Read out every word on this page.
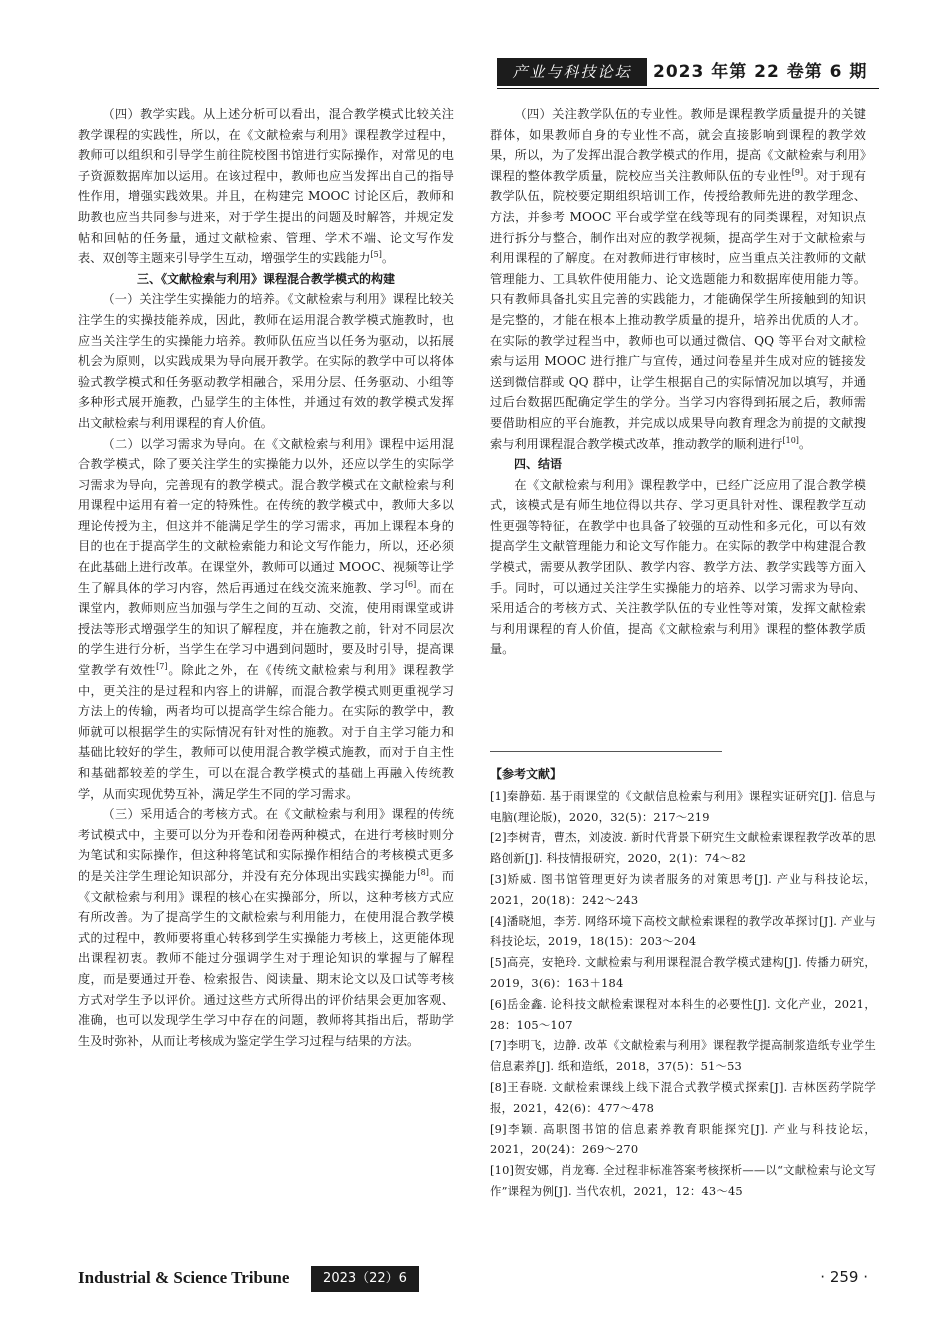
产业与科技论坛	2023 年第 22 卷第 6 期

（四）教学实践。从上述分析可以看出，混合教学模式比较关注教学课程的实践性，所以，在《文献检索与利用》课程教学过程中，教师可以组织和引导学生前往院校图书馆进行实际操作，对常见的电子资源数据库加以运用。在该过程中，教师也应当发挥出自己的指导性作用，增强实践效果。并且，在构建完 MOOC 讨论区后，教师和助教也应当共同参与进来，对于学生提出的问题及时解答，并规定发帖和回帖的任务量，通过文献检索、管理、学术不端、论文写作发表、双创等主题来引导学生互动，增强学生的实践能力[5]。

三、《文献检索与利用》课程混合教学模式的构建

（一）关注学生实操能力的培养。《文献检索与利用》课程比较关注学生的实操技能养成，因此，教师在运用混合教学模式施教时，也应当关注学生的实操能力培养。教师队伍应当以任务为驱动，以拓展机会为原则，以实践成果为导向展开教学。在实际的教学中可以将体验式教学模式和任务驱动教学相融合，采用分层、任务驱动、小组等多种形式展开施教，凸显学生的主体性，并通过有效的教学模式发挥出文献检索与利用课程的育人价值。

（二）以学习需求为导向。在《文献检索与利用》课程中运用混合教学模式，除了要关注学生的实操能力以外，还应以学生的实际学习需求为导向，完善现有的教学模式。混合教学模式在文献检索与利用课程中运用有着一定的特殊性。在传统的教学模式中，教师大多以理论传授为主，但这并不能满足学生的学习需求，再加上课程本身的目的也在于提高学生的文献检索能力和论文写作能力，所以，还必须在此基础上进行改革。在课堂外，教师可以通过 MOOC、视频等让学生了解具体的学习内容，然后再通过在线交流来施教、学习[6]。而在课堂内，教师则应当加强与学生之间的互动、交流，使用雨课堂或讲授法等形式增强学生的知识了解程度，并在施教之前，针对不同层次的学生进行分析，当学生在学习中遇到问题时，要及时引导，提高课堂教学有效性[7]。除此之外，在《传统文献检索与利用》课程教学中，更关注的是过程和内容上的讲解，而混合教学模式则更重视学习方法上的传输，两者均可以提高学生综合能力。在实际的教学中，教师就可以根据学生的实际情况有针对性的施教。对于自主学习能力和基础比较好的学生，教师可以使用混合教学模式施教，而对于自主性和基础都较差的学生，可以在混合教学模式的基础上再融入传统教学，从而实现优势互补，满足学生不同的学习需求。

（三）采用适合的考核方式。在《文献检索与利用》课程的传统考试模式中，主要可以分为开卷和闭卷两种模式，在进行考核时则分为笔试和实际操作，但这种将笔试和实际操作相结合的考核模式更多的是关注学生理论知识部分，并没有充分体现出实践实操能力[8]。而《文献检索与利用》课程的核心在实操部分，所以，这种考核方式应有所改善。为了提高学生的文献检索与利用能力，在使用混合教学模式的过程中，教师要将重心转移到学生实操能力考核上，这更能体现出课程初衷。教师不能过分强调学生对于理论知识的掌握与了解程度，而是要通过开卷、检索报告、阅读量、期末论文以及口试等考核方式对学生予以评价。通过这些方式所得出的评价结果会更加客观、准确，也可以发现学生学习中存在的问题，教师将其指出后，帮助学生及时弥补，从而让考核成为鉴定学生学习过程与结果的方法。

（四）关注教学队伍的专业性。教师是课程教学质量提升的关键群体，如果教师自身的专业性不高，就会直接影响到课程的教学效果，所以，为了发挥出混合教学模式的作用，提高《文献检索与利用》课程的整体教学质量，院校应当关注教师队伍的专业性[9]。对于现有教学队伍，院校要定期组织培训工作，传授给教师先进的教学理念、方法，并参考 MOOC 平台或学堂在线等现有的同类课程，对知识点进行拆分与整合，制作出对应的教学视频，提高学生对于文献检索与利用课程的了解度。在对教师进行审核时，应当重点关注教师的文献管理能力、工具软件使用能力、论文选题能力和数据库使用能力等。只有教师具备扎实且完善的实践能力，才能确保学生所接触到的知识是完整的，才能在根本上推动教学质量的提升，培养出优质的人才。在实际的教学过程当中，教师也可以通过微信、QQ 等平台对文献检索与运用 MOOC 进行推广与宣传，通过问卷星并生成对应的链接发送到微信群或 QQ 群中，让学生根据自己的实际情况加以填写，并通过后台数据匹配确定学生的学分。当学习内容得到拓展之后，教师需要借助相应的平台施教，并完成以成果导向教育理念为前提的文献搜索与利用课程混合教学模式改革，推动教学的顺利进行[10]。

四、结语

在《文献检索与利用》课程教学中，已经广泛应用了混合教学模式，该模式是有师生地位得以共存、学习更具针对性、课程教学互动性更强等特征，在教学中也具备了较强的互动性和多元化，可以有效提高学生文献管理能力和论文写作能力。在实际的教学中构建混合教学模式，需要从教学团队、教学内容、教学方法、教学实践等方面入手。同时，可以通过关注学生实操能力的培养、以学习需求为导向、采用适合的考核方式、关注教学队伍的专业性等对策，发挥文献检索与利用课程的育人价值，提高《文献检索与利用》课程的整体教学质量。

【参考文献】
[1]秦静茹. 基于雨课堂的《文献信息检索与利用》课程实证研究[J]. 信息与电脑(理论版)，2020，32(5)：217～219
[2]李树青，曹杰，刘凌波. 新时代背景下研究生文献检索课程教学改革的思路创新[J]. 科技情报研究，2020，2(1)：74～82
[3]矫威. 图书馆管理更好为读者服务的对策思考[J]. 产业与科技论坛，2021，20(18)：242～243
[4]潘晓旭，李芳. 网络环境下高校文献检索课程的教学改革探讨[J]. 产业与科技论坛，2019，18(15)：203～204
[5]高亮，安艳玲. 文献检索与利用课程混合教学模式建构[J]. 传播力研究，2019，3(6)：163＋184
[6]岳金鑫. 论科技文献检索课程对本科生的必要性[J]. 文化产业，2021，28：105～107
[7]李明飞，边静. 改革《文献检索与利用》课程教学提高制浆造纸专业学生信息素养[J]. 纸和造纸，2018，37(5)：51～53
[8]王春晓. 文献检索课线上线下混合式教学模式探索[J]. 吉林医药学院学报，2021，42(6)：477～478
[9]李颖. 高职图书馆的信息素养教育职能探究[J]. 产业与科技论坛，2021，20(24)：269～270
[10]贺安娜，肖龙骞. 全过程非标准答案考核探析——以“文献检索与论文写作”课程为例[J]. 当代农机，2021，12：43～45
Industrial & Science Tribune	2023（22）6	· 259 ·
